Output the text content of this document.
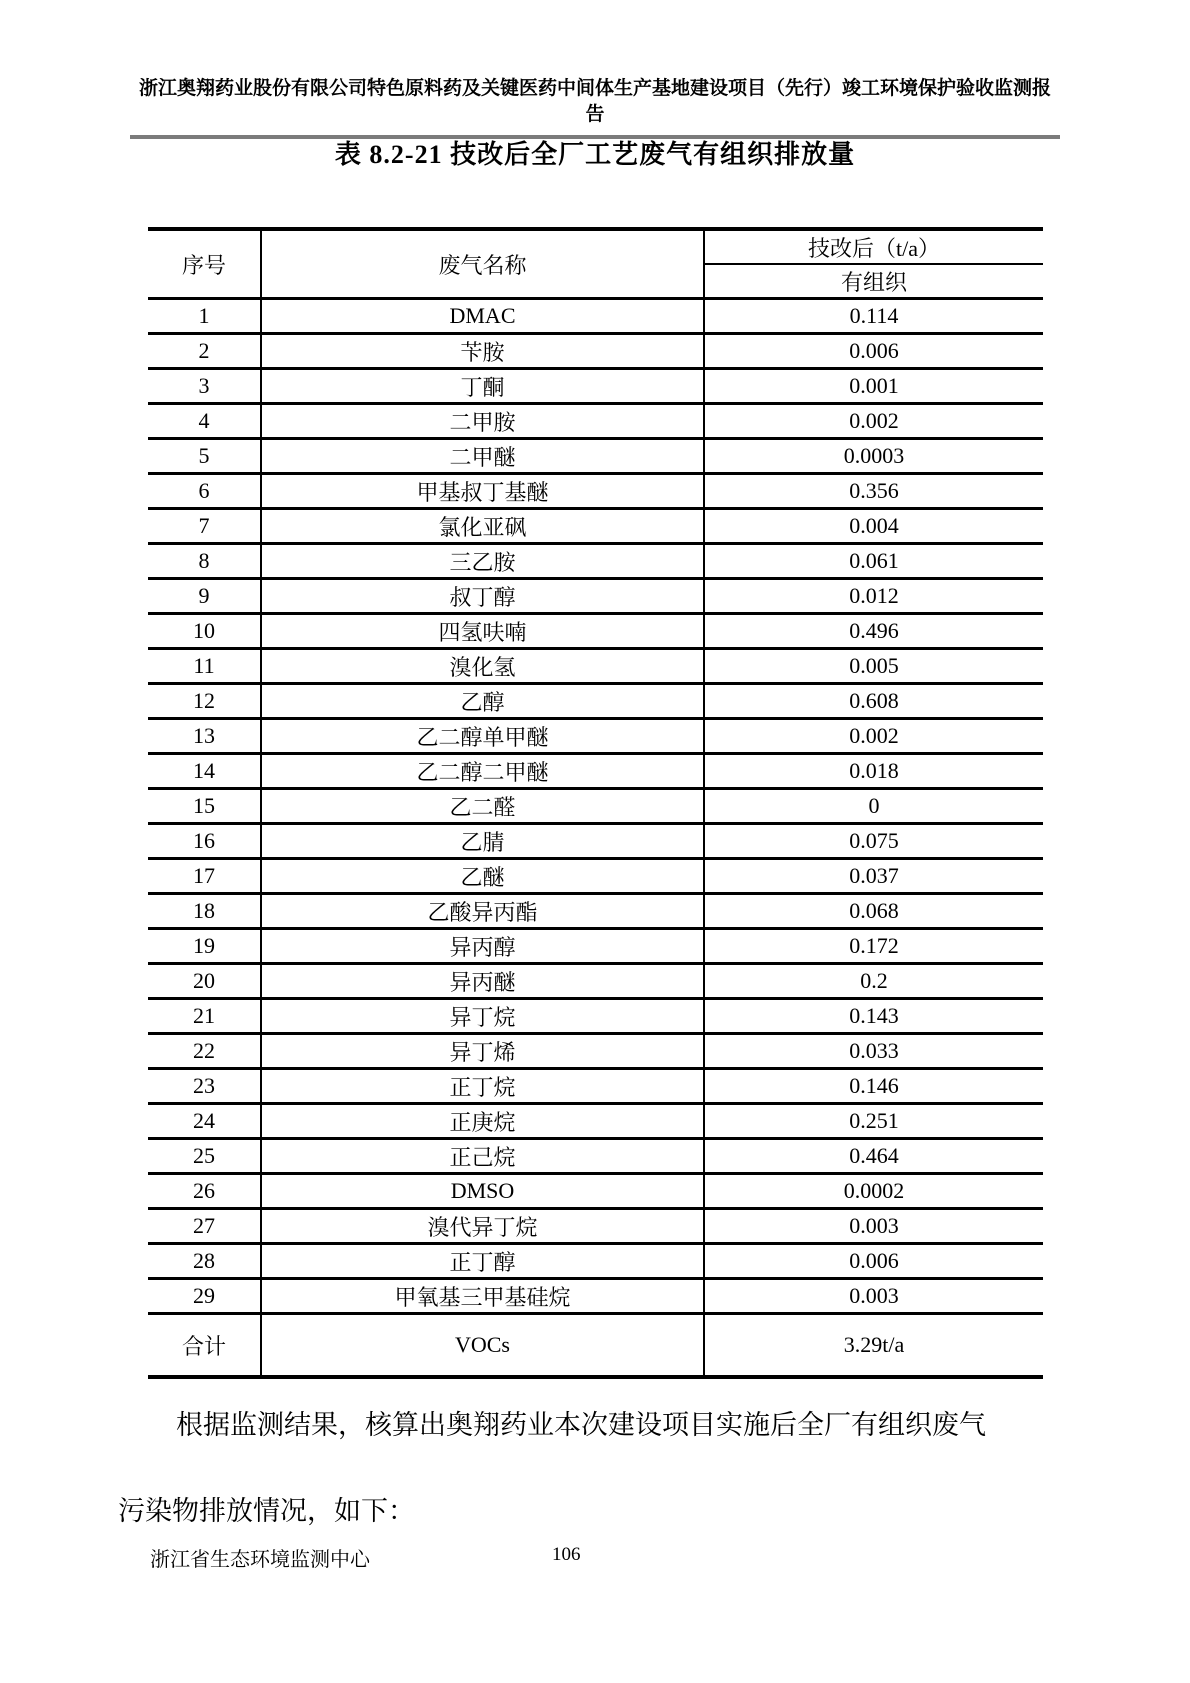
浙江奥翔药业股份有限公司特色原料药及关键医药中间体生产基地建设项目（先行）竣工环境保护验收监测报告
表 8.2-21 技改后全厂工艺废气有组织排放量
序号	废气名称	技改后（t/a）
		有组织
1	DMAC	0.114
2	苄胺	0.006
3	丁酮	0.001
4	二甲胺	0.002
5	二甲醚	0.0003
6	甲基叔丁基醚	0.356
7	氯化亚砜	0.004
8	三乙胺	0.061
9	叔丁醇	0.012
10	四氢呋喃	0.496
11	溴化氢	0.005
12	乙醇	0.608
13	乙二醇单甲醚	0.002
14	乙二醇二甲醚	0.018
15	乙二醛	0
16	乙腈	0.075
17	乙醚	0.037
18	乙酸异丙酯	0.068
19	异丙醇	0.172
20	异丙醚	0.2
21	异丁烷	0.143
22	异丁烯	0.033
23	正丁烷	0.146
24	正庚烷	0.251
25	正己烷	0.464
26	DMSO	0.0002
27	溴代异丁烷	0.003
28	正丁醇	0.006
29	甲氧基三甲基硅烷	0.003
合计	VOCs	3.29t/a
根据监测结果，核算出奥翔药业本次建设项目实施后全厂有组织废气
污染物排放情况，如下：
浙江省生态环境监测中心	106
